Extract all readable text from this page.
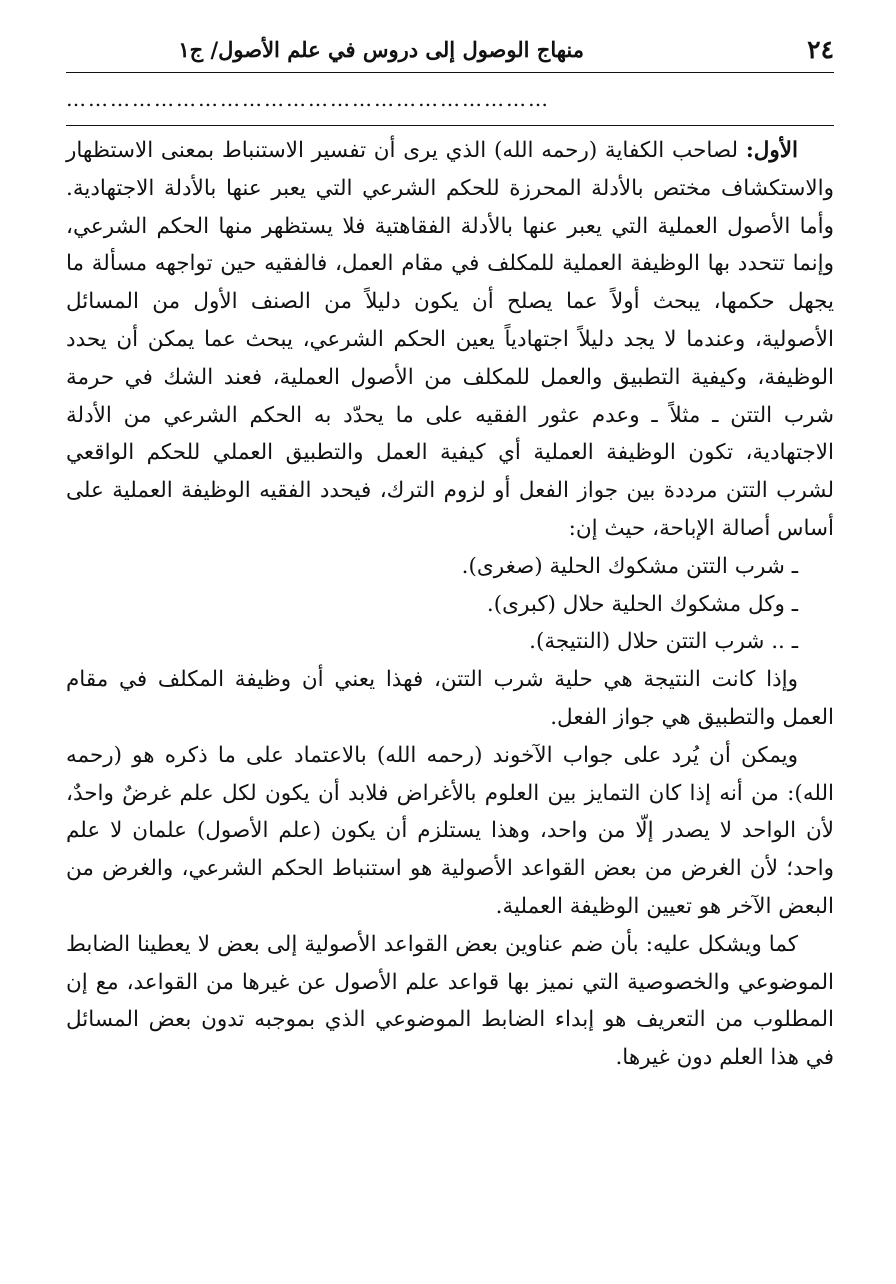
٢٤
منهاج الوصول إلى دروس في علم الأصول/ ج١
…………………………………………………………

الأول: لصاحب الكفاية (رحمه الله) الذي يرى أن تفسير الاستنباط بمعنى الاستظهار والاستكشاف مختص بالأدلة المحرزة للحكم الشرعي التي يعبر عنها بالأدلة الاجتهادية. وأما الأصول العملية التي يعبر عنها بالأدلة الفقاهتية فلا يستظهر منها الحكم الشرعي، وإنما تتحدد بها الوظيفة العملية للمكلف في مقام العمل، فالفقيه حين تواجهه مسألة ما يجهل حكمها، يبحث أولاً عما يصلح أن يكون دليلاً من الصنف الأول من المسائل الأصولية، وعندما لا يجد دليلاً اجتهادياً يعين الحكم الشرعي، يبحث عما يمكن أن يحدد الوظيفة، وكيفية التطبيق والعمل للمكلف من الأصول العملية، فعند الشك في حرمة شرب التتن ـ مثلاً ـ وعدم عثور الفقيه على ما يحدّد به الحكم الشرعي من الأدلة الاجتهادية، تكون الوظيفة العملية أي كيفية العمل والتطبيق العملي للحكم الواقعي لشرب التتن مرددة بين جواز الفعل أو لزوم الترك، فيحدد الفقيه الوظيفة العملية على أساس أصالة الإباحة، حيث إن:

ـ شرب التتن مشكوك الحلية (صغرى).

ـ وكل مشكوك الحلية حلال (كبرى).

ـ .. شرب التتن حلال (النتيجة).

وإذا كانت النتيجة هي حلية شرب التتن، فهذا يعني أن وظيفة المكلف في مقام العمل والتطبيق هي جواز الفعل.

ويمكن أن يُرد على جواب الآخوند (رحمه الله) بالاعتماد على ما ذكره هو (رحمه الله): من أنه إذا كان التمايز بين العلوم بالأغراض فلابد أن يكون لكل علم غرضٌ واحدٌ، لأن الواحد لا يصدر إلّا من واحد، وهذا يستلزم أن يكون (علم الأصول) علمان لا علم واحد؛ لأن الغرض من بعض القواعد الأصولية هو استنباط الحكم الشرعي، والغرض من البعض الآخر هو تعيين الوظيفة العملية.

كما ويشكل عليه: بأن ضم عناوين بعض القواعد الأصولية إلى بعض لا يعطينا الضابط الموضوعي والخصوصية التي نميز بها قواعد علم الأصول عن غيرها من القواعد، مع إن المطلوب من التعريف هو إبداء الضابط الموضوعي الذي بموجبه تدون بعض المسائل في هذا العلم دون غيرها.
